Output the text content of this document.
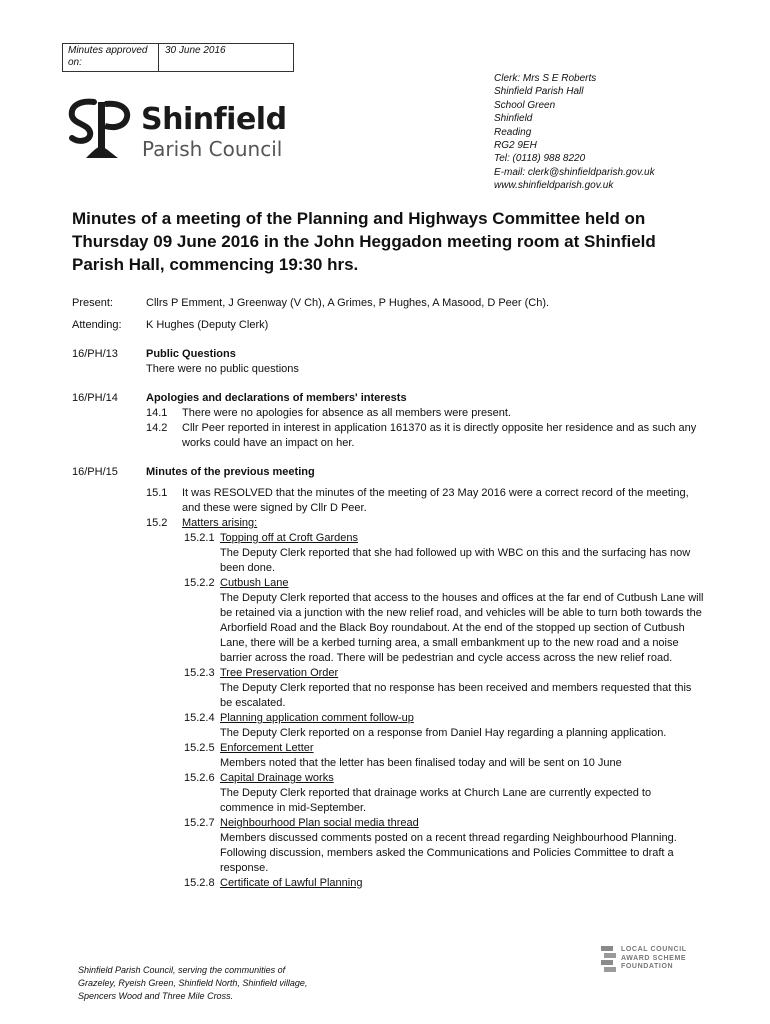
Minutes approved on:
30 June 2016
Clerk: Mrs S E Roberts
Shinfield Parish Hall
School Green
Shinfield
Reading
RG2 9EH
Tel: (0118) 988 8220
E-mail: clerk@shinfieldparish.gov.uk
www.shinfieldparish.gov.uk
Shinfield
Parish Council
Minutes of a meeting of the Planning and Highways Committee held on Thursday 09 June 2016 in the John Heggadon meeting room at Shinfield Parish Hall, commencing 19:30 hrs.
Present:	Cllrs P Emment, J Greenway (V Ch), A Grimes, P Hughes, A Masood, D Peer (Ch).
Attending: K Hughes (Deputy Clerk)
16/PH/13	Public Questions
There were no public questions
16/PH/14	Apologies and declarations of members' interests
14.1 There were no apologies for absence as all members were present.
14.2 Cllr Peer reported in interest in application 161370 as it is directly opposite her residence and as such any works could have an impact on her.
16/PH/15	Minutes of the previous meeting
15.1 It was RESOLVED that the minutes of the meeting of 23 May 2016 were a correct record of the meeting, and these were signed by Cllr D Peer.
15.2 Matters arising:
15.2.1 Topping off at Croft Gardens
The Deputy Clerk reported that she had followed up with WBC on this and the surfacing has now been done.
15.2.2 Cutbush Lane
The Deputy Clerk reported that access to the houses and offices at the far end of Cutbush Lane will be retained via a junction with the new relief road, and vehicles will be able to turn both towards the Arborfield Road and the Black Boy roundabout. At the end of the stopped up section of Cutbush Lane, there will be a kerbed turning area, a small embankment up to the new road and a noise barrier across the road. There will be pedestrian and cycle access across the new relief road.
15.2.3 Tree Preservation Order
The Deputy Clerk reported that no response has been received and members requested that this be escalated.
15.2.4 Planning application comment follow-up
The Deputy Clerk reported on a response from Daniel Hay regarding a planning application.
15.2.5 Enforcement Letter
Members noted that the letter has been finalised today and will be sent on 10 June
15.2.6 Capital Drainage works
The Deputy Clerk reported that drainage works at Church Lane are currently expected to commence in mid-September.
15.2.7 Neighbourhood Plan social media thread
Members discussed comments posted on a recent thread regarding Neighbourhood Planning. Following discussion, members asked the Communications and Policies Committee to draft a response.
15.2.8 Certificate of Lawful Planning
Shinfield Parish Council, serving the communities of Grazeley, Ryeish Green, Shinfield North, Shinfield village, Spencers Wood and Three Mile Cross.
LOCAL COUNCIL
AWARD SCHEME
FOUNDATION
